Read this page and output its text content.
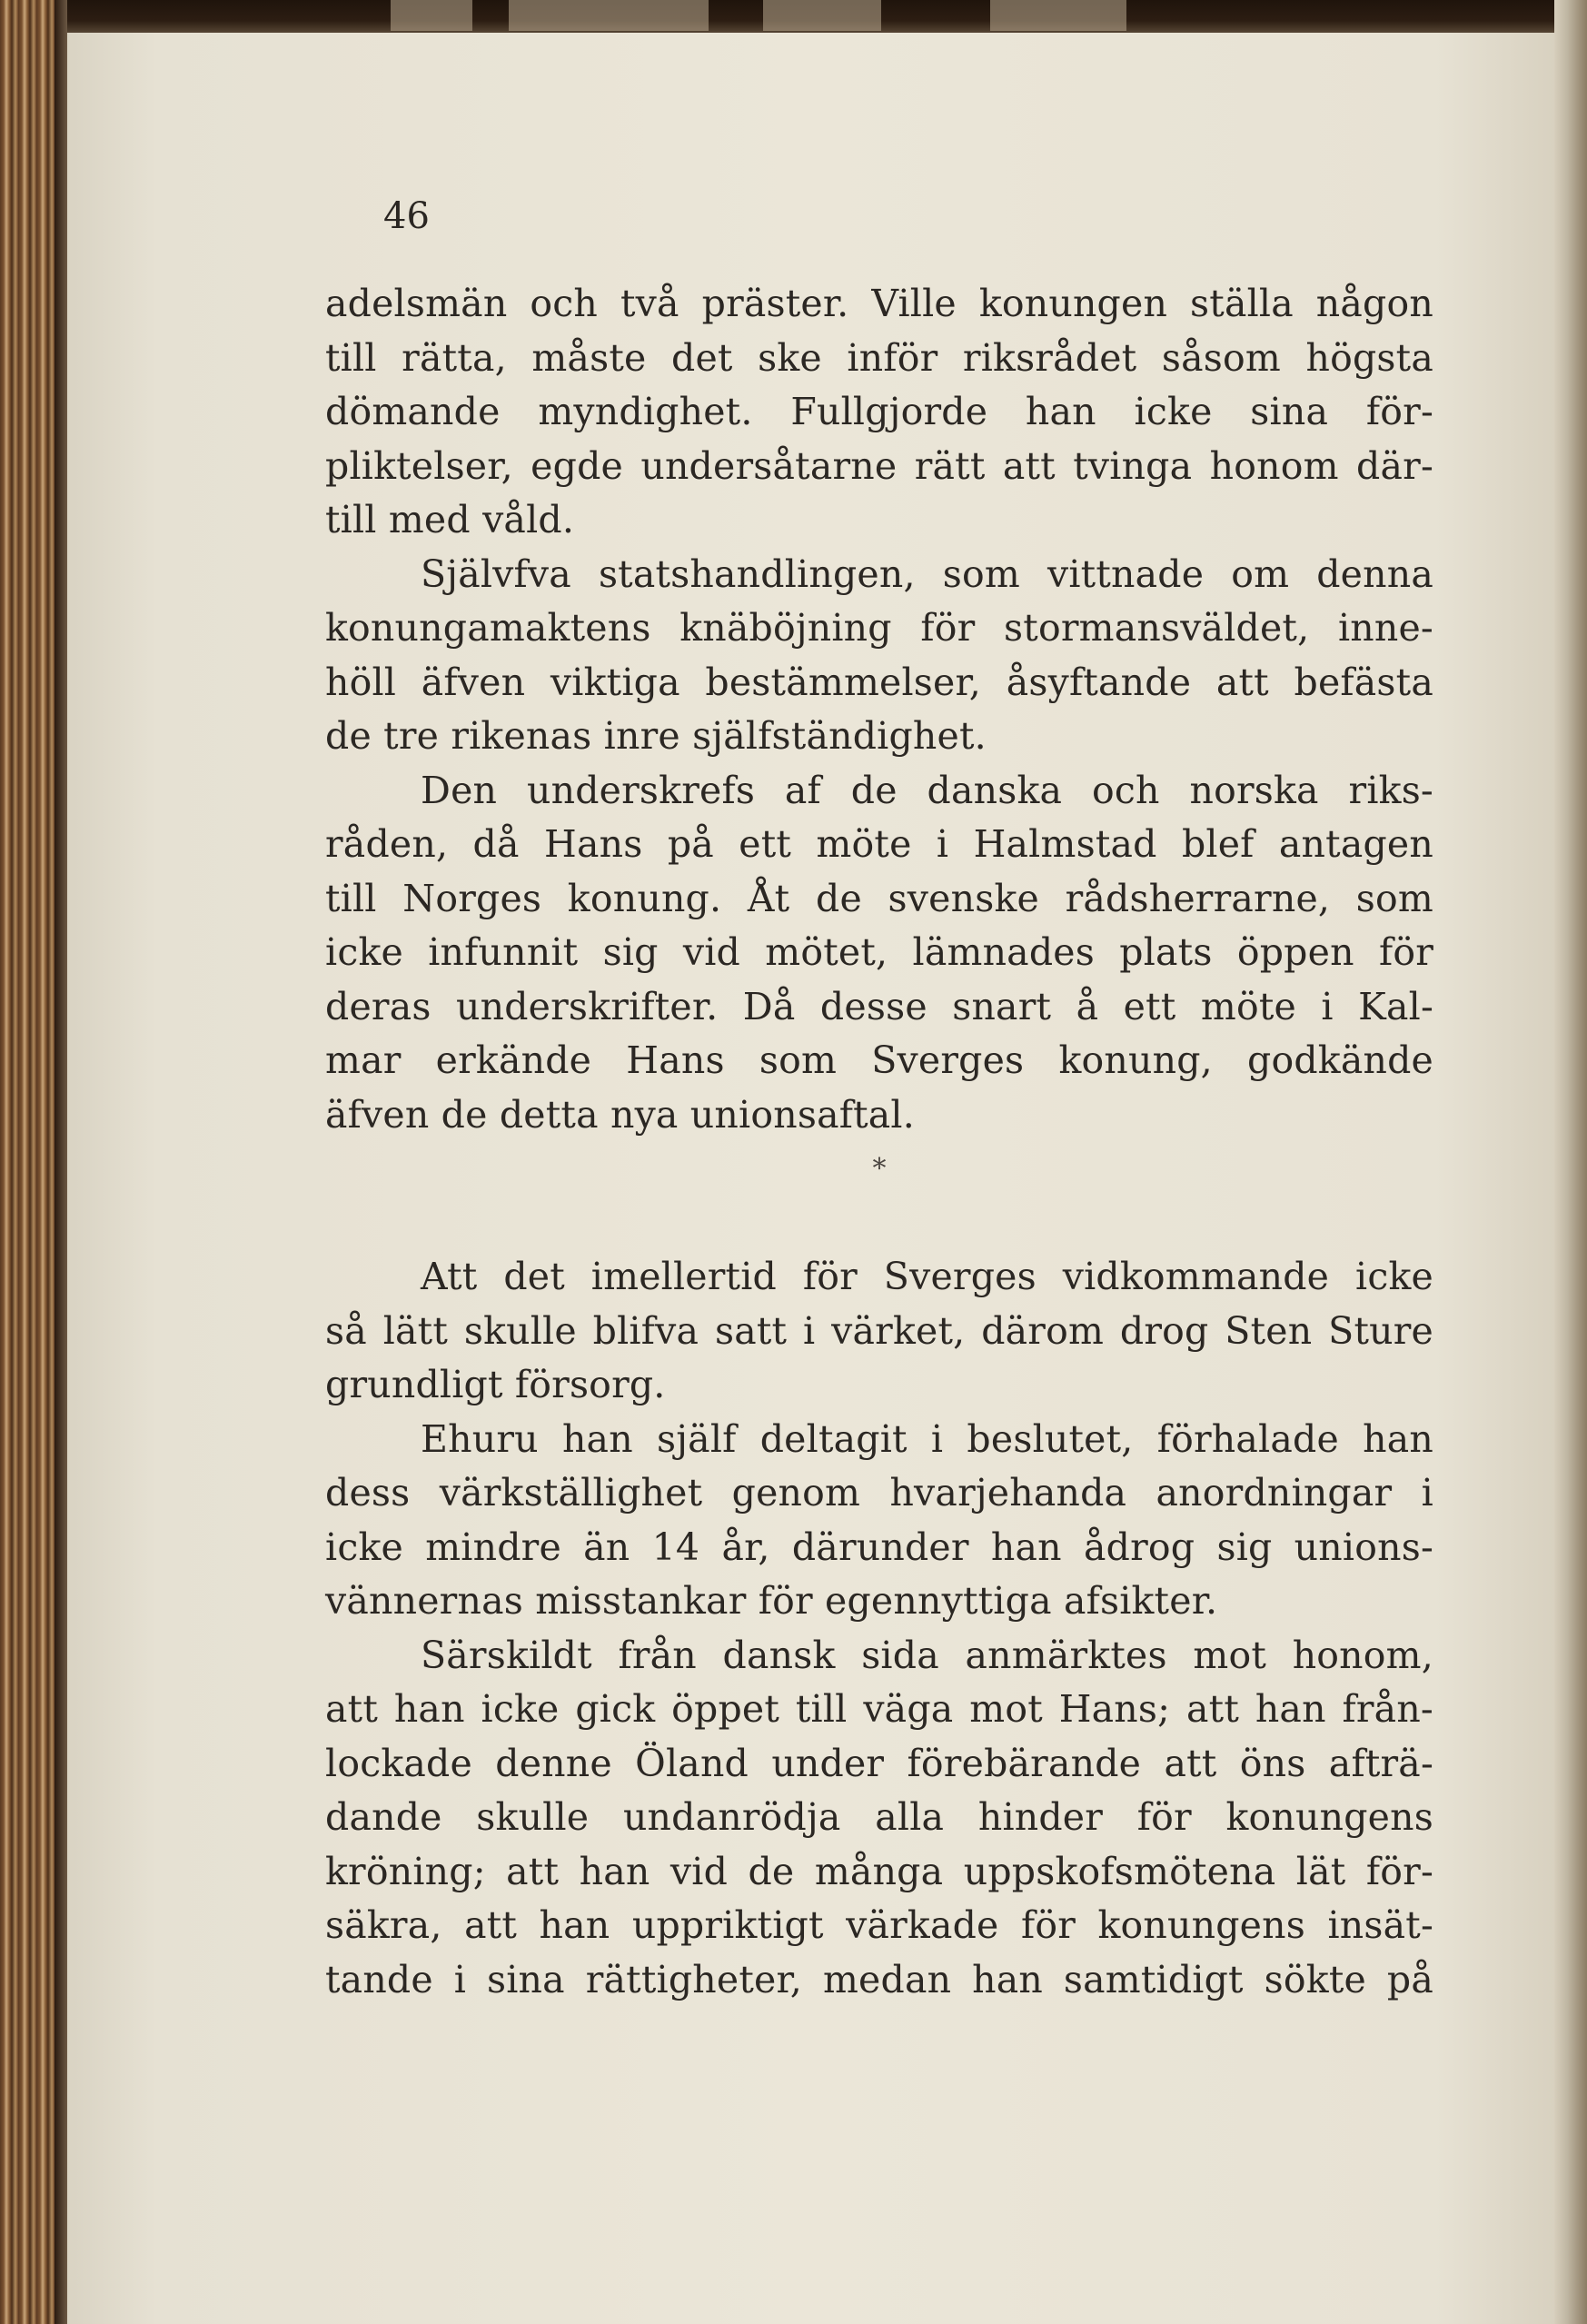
46
adelsmän och två präster. Ville konungen ställa någon
till rätta, måste det ske inför riksrådet såsom högsta
dömande myndighet. Fullgjorde han icke sina för-
pliktelser, egde undersåtarne rätt att tvinga honom där-
till med våld.
Självfva statshandlingen, som vittnade om denna
konungamaktens knäböjning för stormansväldet, inne-
höll äfven viktiga bestämmelser, åsyftande att befästa
de tre rikenas inre själfständighet.
Den underskrefs af de danska och norska riks-
råden, då Hans på ett möte i Halmstad blef antagen
till Norges konung. Åt de svenske rådsherrarne, som
icke infunnit sig vid mötet, lämnades plats öppen för
deras underskrifter. Då desse snart å ett möte i Kal-
mar erkände Hans som Sverges konung, godkände
äfven de detta nya unionsaftal.
*
Att det imellertid för Sverges vidkommande icke
så lätt skulle blifva satt i värket, därom drog Sten Sture
grundligt försorg.
Ehuru han själf deltagit i beslutet, förhalade han
dess värkställighet genom hvarjehanda anordningar i
icke mindre än 14 år, därunder han ådrog sig unions-
vännernas misstankar för egennyttiga afsikter.
Särskildt från dansk sida anmärktes mot honom,
att han icke gick öppet till väga mot Hans; att han från-
lockade denne Öland under förebärande att öns afträ-
dande skulle undanrödja alla hinder för konungens
kröning; att han vid de många uppskofsmötena lät för-
säkra, att han uppriktigt värkade för konungens insät-
tande i sina rättigheter, medan han samtidigt sökte på
